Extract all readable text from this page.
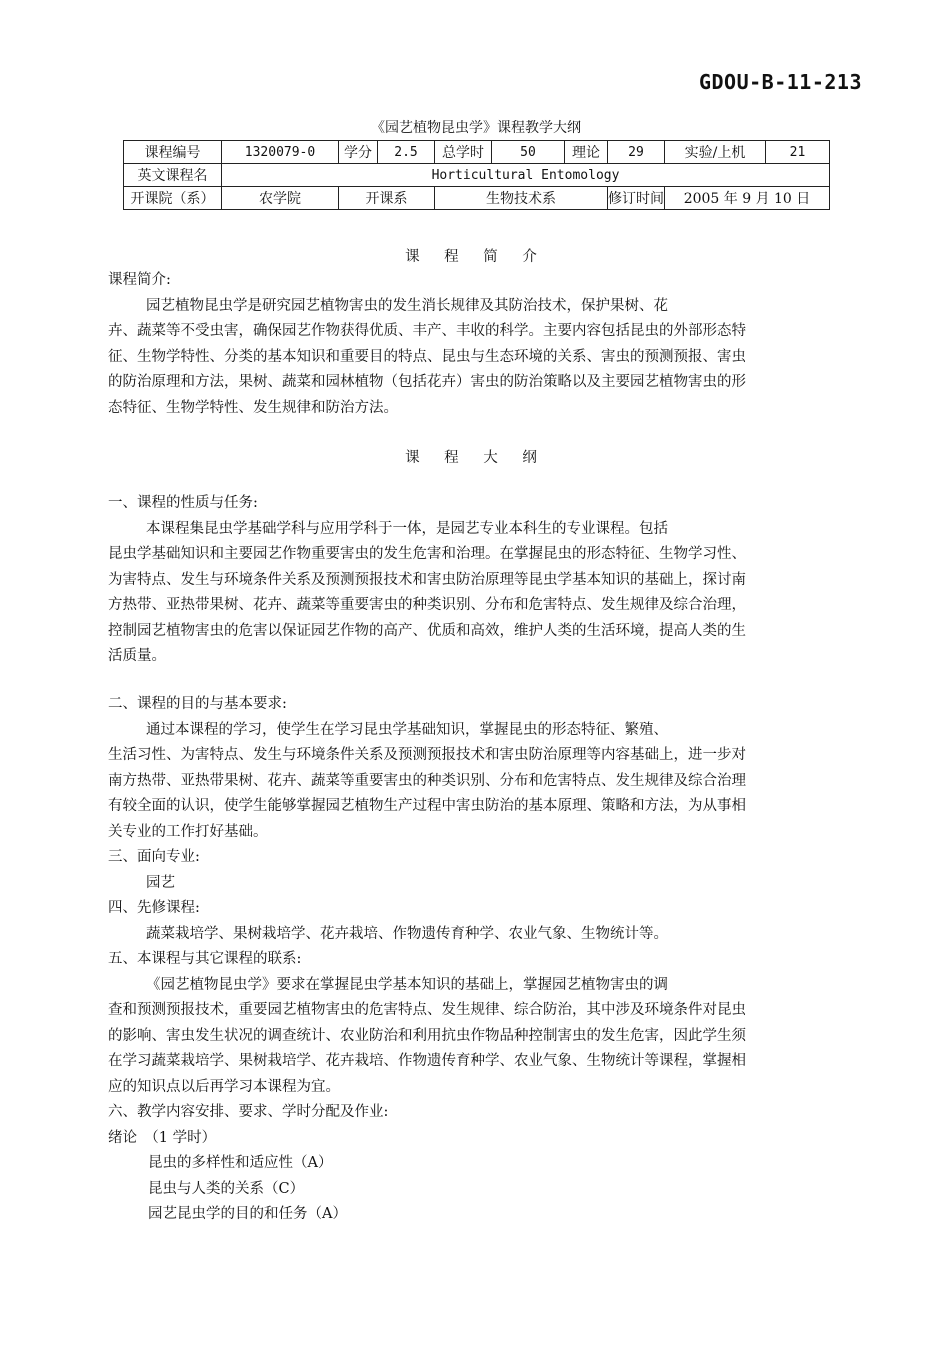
GDOU-B-11-213
《园艺植物昆虫学》课程教学大纲
课程编号	1320079-0	学分	2.5	总学时	50	理论	29	实验/上机	21
英文课程名	Horticultural Entomology								
开课院（系）	农学院	开课系		生物技术系			修订时间	2005 年 9 月 10 日	
课 程 简 介
课程简介:
园艺植物昆虫学是研究园艺植物害虫的发生消长规律及其防治技术，保护果树、花
卉、蔬菜等不受虫害，确保园艺作物获得优质、丰产、丰收的科学。主要内容包括昆虫的外部形态特
征、生物学特性、分类的基本知识和重要目的特点、昆虫与生态环境的关系、害虫的预测预报、害虫
的防治原理和方法，果树、蔬菜和园林植物（包括花卉）害虫的防治策略以及主要园艺植物害虫的形
态特征、生物学特性、发生规律和防治方法。
课 程 大 纲
一、课程的性质与任务:
本课程集昆虫学基础学科与应用学科于一体，是园艺专业本科生的专业课程。包括
昆虫学基础知识和主要园艺作物重要害虫的发生危害和治理。在掌握昆虫的形态特征、生物学习性、
为害特点、发生与环境条件关系及预测预报技术和害虫防治原理等昆虫学基本知识的基础上，探讨南
方热带、亚热带果树、花卉、蔬菜等重要害虫的种类识别、分布和危害特点、发生规律及综合治理，
控制园艺植物害虫的危害以保证园艺作物的高产、优质和高效，维护人类的生活环境，提高人类的生
活质量。
二、课程的目的与基本要求:
通过本课程的学习，使学生在学习昆虫学基础知识，掌握昆虫的形态特征、繁殖、
生活习性、为害特点、发生与环境条件关系及预测预报技术和害虫防治原理等内容基础上，进一步对
南方热带、亚热带果树、花卉、蔬菜等重要害虫的种类识别、分布和危害特点、发生规律及综合治理
有较全面的认识，使学生能够掌握园艺植物生产过程中害虫防治的基本原理、策略和方法，为从事相
关专业的工作打好基础。
三、面向专业:
园艺
四、先修课程:
蔬菜栽培学、果树栽培学、花卉栽培、作物遗传育种学、农业气象、生物统计等。
五、本课程与其它课程的联系:
《园艺植物昆虫学》要求在掌握昆虫学基本知识的基础上，掌握园艺植物害虫的调
查和预测预报技术，重要园艺植物害虫的危害特点、发生规律、综合防治，其中涉及环境条件对昆虫
的影响、害虫发生状况的调查统计、农业防治和利用抗虫作物品种控制害虫的发生危害，因此学生须
在学习蔬菜栽培学、果树栽培学、花卉栽培、作物遗传育种学、农业气象、生物统计等课程，掌握相
应的知识点以后再学习本课程为宜。
六、教学内容安排、要求、学时分配及作业:
绪论　（1 学时）
昆虫的多样性和适应性（A）
昆虫与人类的关系（C）
园艺昆虫学的目的和任务（A）
